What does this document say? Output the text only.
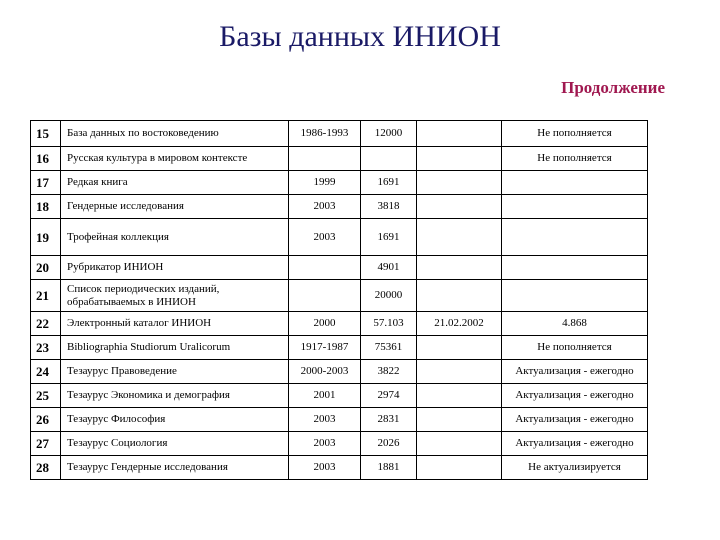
Базы данных ИНИОН
Продолжение
15	База данных по востоковедению	1986-1993	12000		Не пополняется
16	Русская культура в мировом контексте				Не пополняется
17	Редкая книга	1999	1691		
18	Гендерные исследования	2003	3818		
19	Трофейная коллекция	2003	1691		
20	Рубрикатор ИНИОН		4901		
21	Список периодических изданий, обрабатываемых в ИНИОН		20000		
22	Электронный каталог ИНИОН	2000	57.103	21.02.2002	4.868
23	Bibliographia Studiorum Uralicorum	1917-1987	75361		Не пополняется
24	Тезаурус Правоведение	2000-2003	3822		Актуализация - ежегодно
25	Тезаурус Экономика и демография	2001	2974		Актуализация - ежегодно
26	Тезаурус Философия	2003	2831		Актуализация - ежегодно
27	Тезаурус Социология	2003	2026		Актуализация - ежегодно
28	Тезаурус Гендерные исследования	2003	1881		Не актуализируется
